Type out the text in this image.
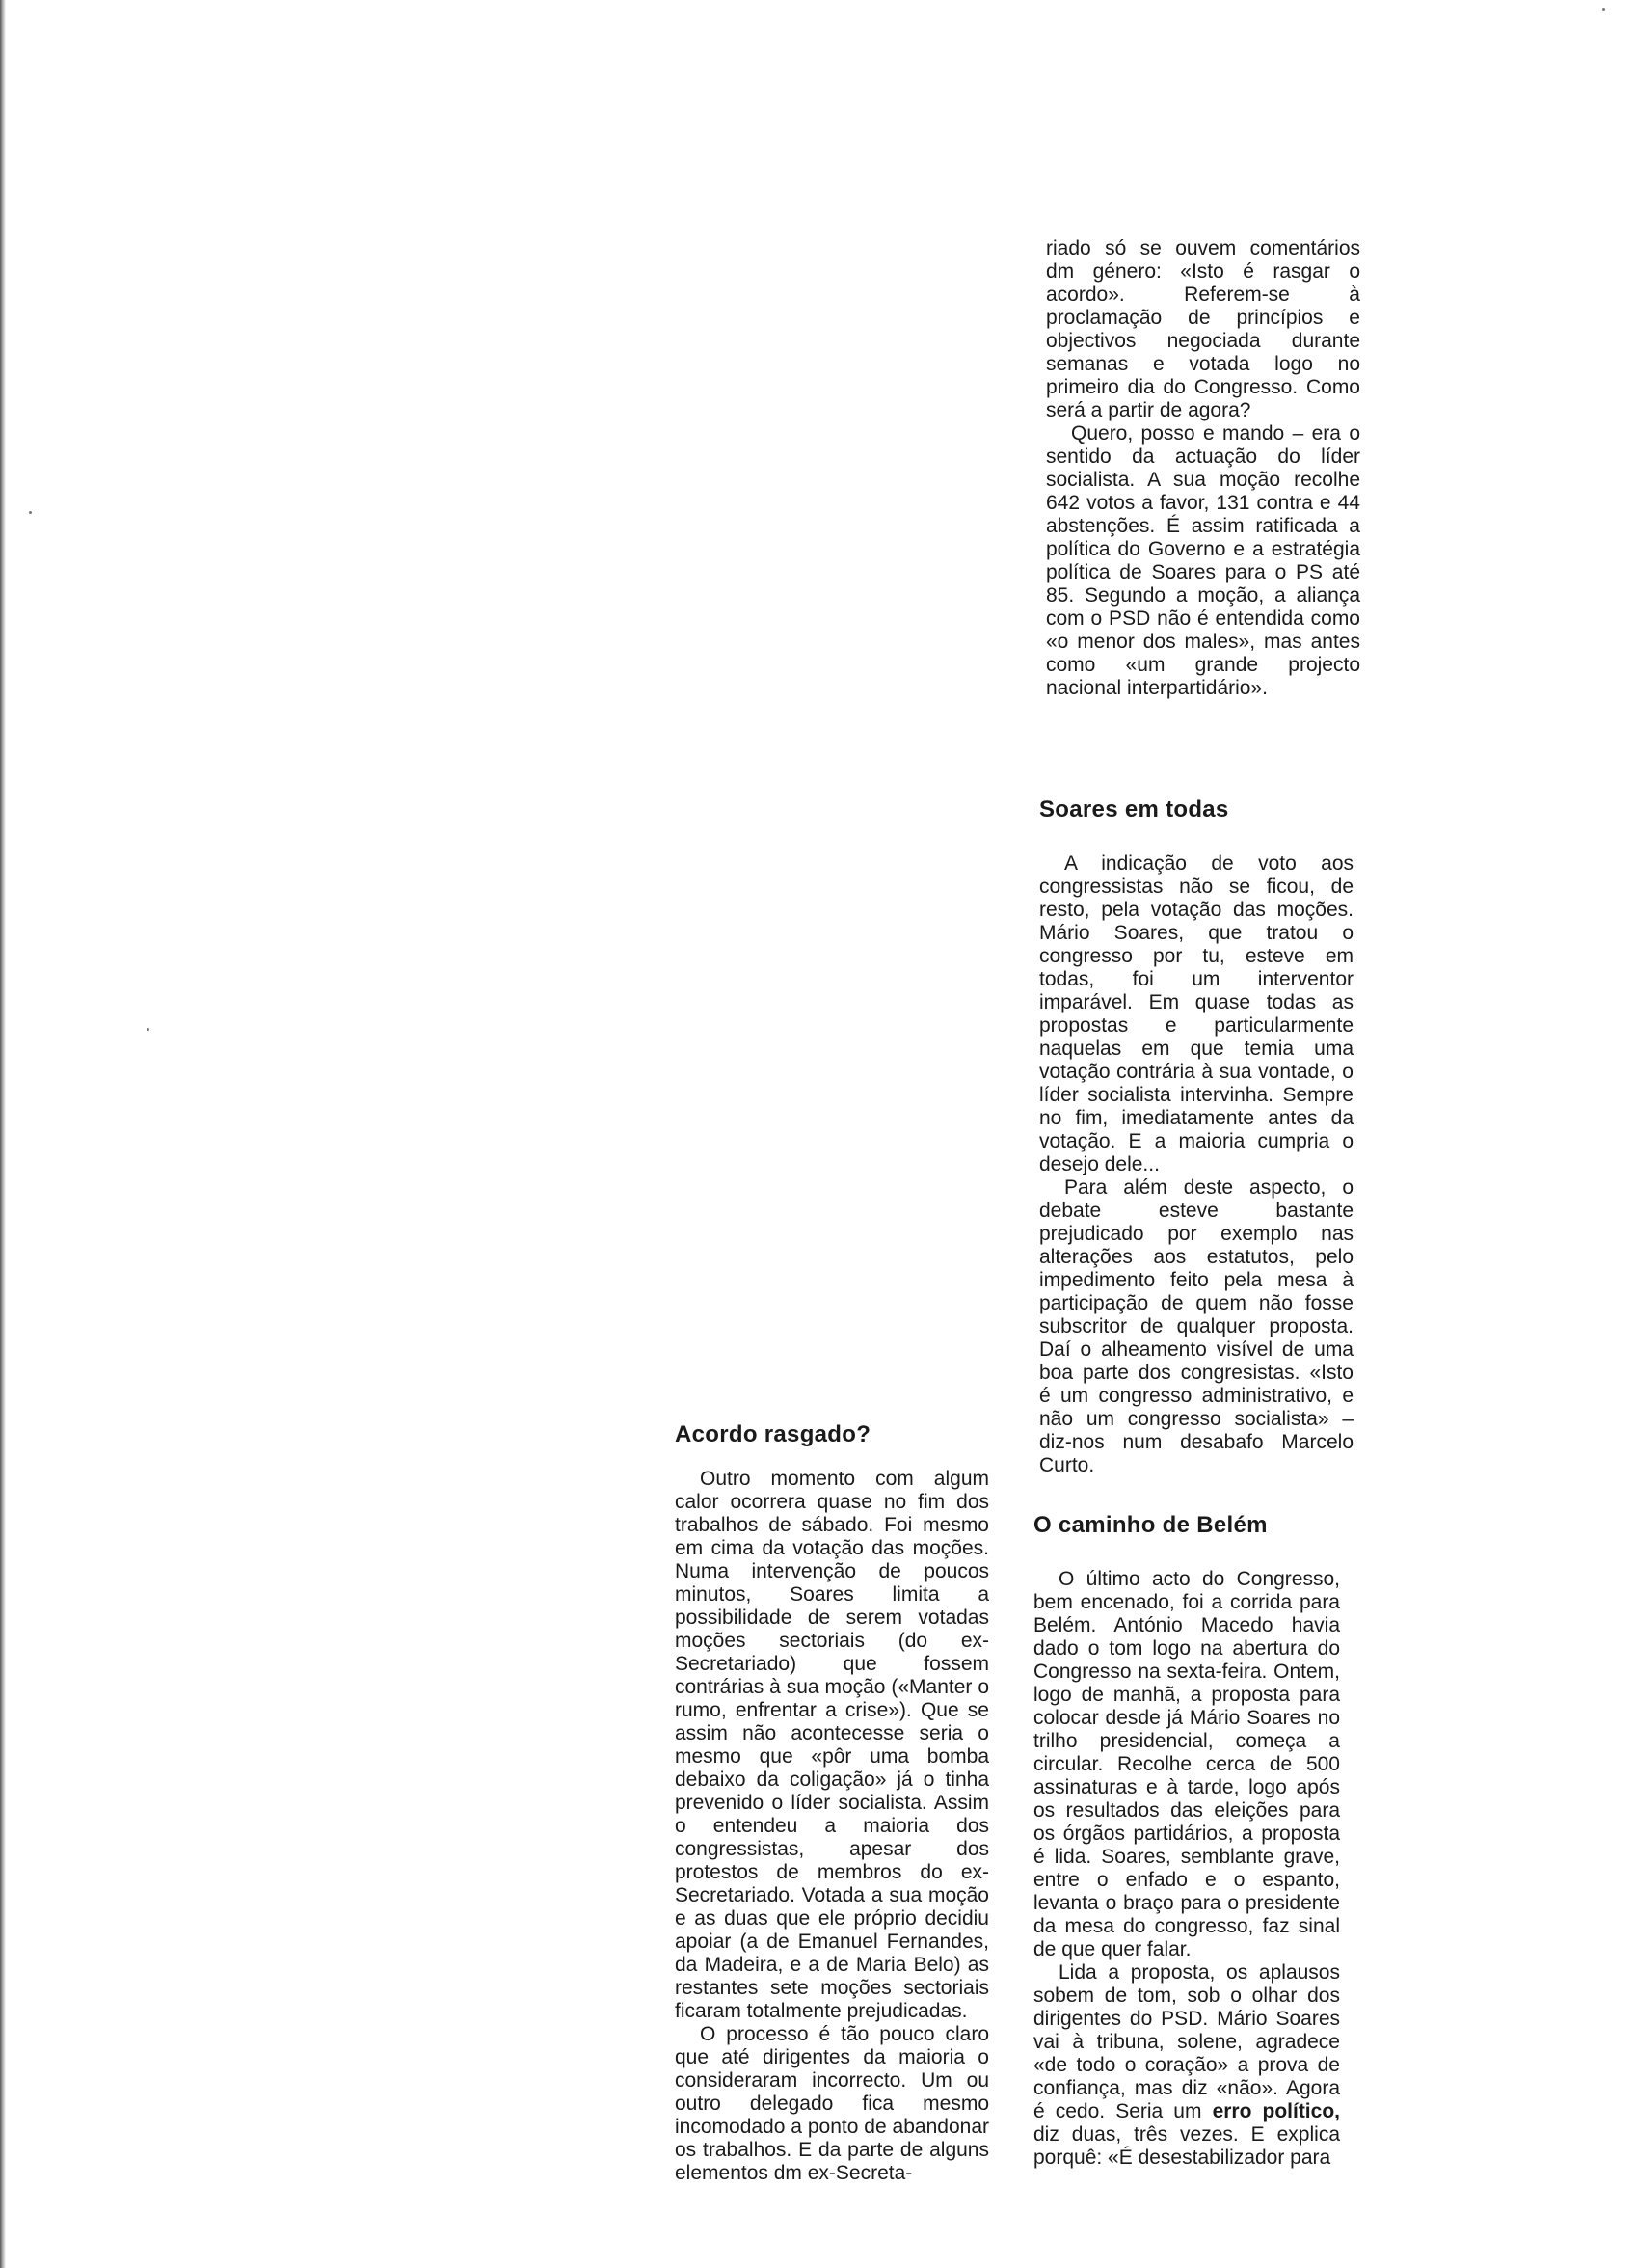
riado só se ouvem comentários dm género: «Isto é rasgar o acordo». Referem-se à proclamação de princípios e objectivos negociada durante semanas e votada logo no primeiro dia do Congresso. Como será a partir de agora?

Quero, posso e mando – era o sentido da actuação do líder socialista. A sua moção recolhe 642 votos a favor, 131 contra e 44 abstenções. É assim ratificada a política do Governo e a estratégia política de Soares para o PS até 85. Segundo a moção, a aliança com o PSD não é entendida como «o menor dos males», mas antes como «um grande projecto nacional interpartidário».

Soares em todas

A indicação de voto aos congressistas não se ficou, de resto, pela votação das moções. Mário Soares, que tratou o congresso por tu, esteve em todas, foi um interventor imparável. Em quase todas as propostas e particularmente naquelas em que temia uma votação contrária à sua vontade, o líder socialista intervinha. Sempre no fim, imediatamente antes da votação. E a maioria cumpria o desejo dele...

Para além deste aspecto, o debate esteve bastante prejudicado por exemplo nas alterações aos estatutos, pelo impedimento feito pela mesa à participação de quem não fosse subscritor de qualquer proposta. Daí o alheamento visível de uma boa parte dos congresistas. «Isto é um congresso administrativo, e não um congresso socialista» – diz-nos num desabafo Marcelo Curto.

Acordo rasgado?

Outro momento com algum calor ocorrera quase no fim dos trabalhos de sábado. Foi mesmo em cima da votação das moções. Numa intervenção de poucos minutos, Soares limita a possibilidade de serem votadas moções sectoriais (do ex-Secretariado) que fossem contrárias à sua moção («Manter o rumo, enfrentar a crise»). Que se assim não acontecesse seria o mesmo que «pôr uma bomba debaixo da coligação» já o tinha prevenido o líder socialista. Assim o entendeu a maioria dos congressistas, apesar dos protestos de membros do ex-Secretariado. Votada a sua moção e as duas que ele próprio decidiu apoiar (a de Emanuel Fernandes, da Madeira, e a de Maria Belo) as restantes sete moções sectoriais ficaram totalmente prejudicadas.

O processo é tão pouco claro que até dirigentes da maioria o consideraram incorrecto. Um ou outro delegado fica mesmo incomodado a ponto de abandonar os trabalhos. E da parte de alguns elementos dm ex-Secreta-

O caminho de Belém

O último acto do Congresso, bem encenado, foi a corrida para Belém. António Macedo havia dado o tom logo na abertura do Congresso na sexta-feira. Ontem, logo de manhã, a proposta para colocar desde já Mário Soares no trilho presidencial, começa a circular. Recolhe cerca de 500 assinaturas e à tarde, logo após os resultados das eleições para os órgãos partidários, a proposta é lida. Soares, semblante grave, entre o enfado e o espanto, levanta o braço para o presidente da mesa do congresso, faz sinal de que quer falar.

Lida a proposta, os aplausos sobem de tom, sob o olhar dos dirigentes do PSD. Mário Soares vai à tribuna, solene, agradece «de todo o coração» a prova de confiança, mas diz «não». Agora é cedo. Seria um erro político, diz duas, três vezes. E explica porquê: «É desestabilizador para
